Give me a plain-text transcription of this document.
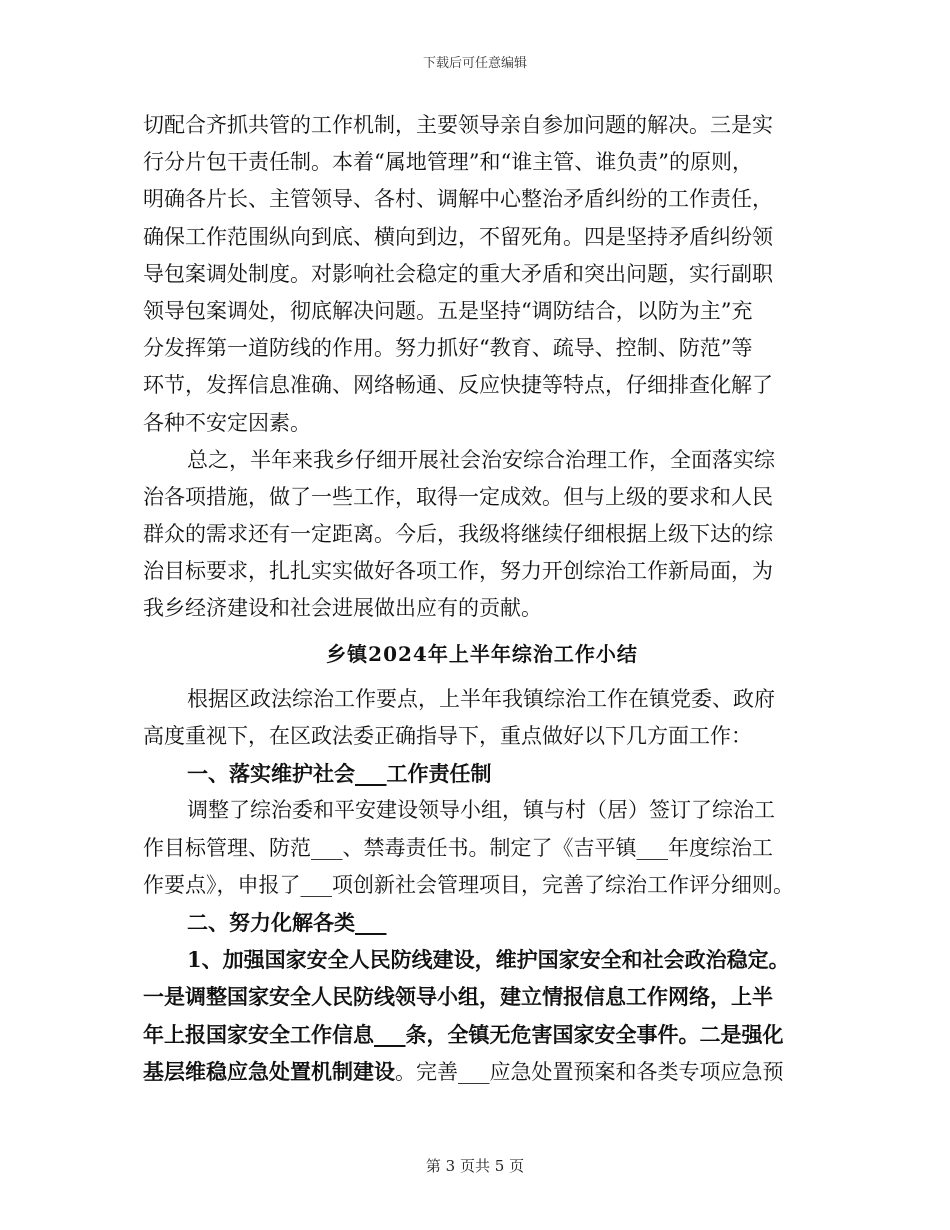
下载后可任意编辑
切配合齐抓共管的工作机制，主要领导亲自参加问题的解决。三是实
行分片包干责任制。本着“属地管理”和“谁主管、谁负责”的原则，
明确各片长、主管领导、各村、调解中心整治矛盾纠纷的工作责任，
确保工作范围纵向到底、横向到边，不留死角。四是坚持矛盾纠纷领
导包案调处制度。对影响社会稳定的重大矛盾和突出问题，实行副职
领导包案调处，彻底解决问题。五是坚持“调防结合，以防为主”充
分发挥第一道防线的作用。努力抓好“教育、疏导、控制、防范”等
环节，发挥信息准确、网络畅通、反应快捷等特点，仔细排查化解了
各种不安定因素。
总之，半年来我乡仔细开展社会治安综合治理工作，全面落实综
治各项措施，做了一些工作，取得一定成效。但与上级的要求和人民
群众的需求还有一定距离。今后，我级将继续仔细根据上级下达的综
治目标要求，扎扎实实做好各项工作，努力开创综治工作新局面，为
我乡经济建设和社会进展做出应有的贡献。
乡镇2024年上半年综治工作小结
根据区政法综治工作要点，上半年我镇综治工作在镇党委、政府
高度重视下，在区政法委正确指导下，重点做好以下几方面工作：
一、落实维护社会___工作责任制
调整了综治委和平安建设领导小组，镇与村（居）签订了综治工
作目标管理、防范___、禁毒责任书。制定了《吉平镇___年度综治工
作要点》，申报了___项创新社会管理项目，完善了综治工作评分细则。
二、努力化解各类___
1、加强国家安全人民防线建设，维护国家安全和社会政治稳定。
一是调整国家安全人民防线领导小组，建立情报信息工作网络，上半
年上报国家安全工作信息___条，全镇无危害国家安全事件。二是强化
基层维稳应急处置机制建设。完善___应急处置预案和各类专项应急预
第 3 页共 5 页
